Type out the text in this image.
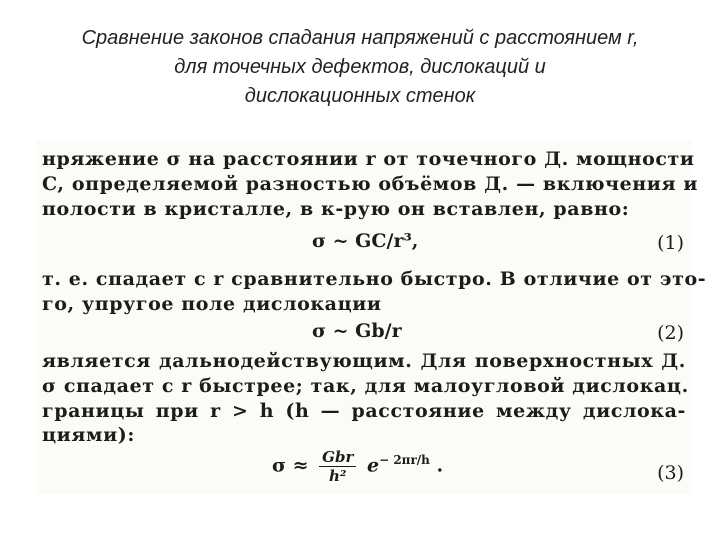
Сравнение законов спадания напряжений с расстоянием r,
для точечных дефектов, дислокаций и
дислокационных стенок
нряжение σ на расстоянии r от точечного Д. мощности
C, определяемой разностью объёмов Д. — включения и
полости в кристалле, в к-рую он вставлен, равно:
σ ~ GC/r³,	(1)
т. е. спадает с r сравнительно быстро. В отличие от это-
го, упругое поле дислокации
σ ~ Gb/r	(2)
является дальнодействующим. Для поверхностных Д.
σ спадает с r быстрее; так, для малоугловой дислокац.
границы при r > h (h — расстояние между дислока-
циями):
$\sigma \approx \frac{\text{Gbr}}{\text{h²}} e^{- 2\pi r/h}$ .	(3)
